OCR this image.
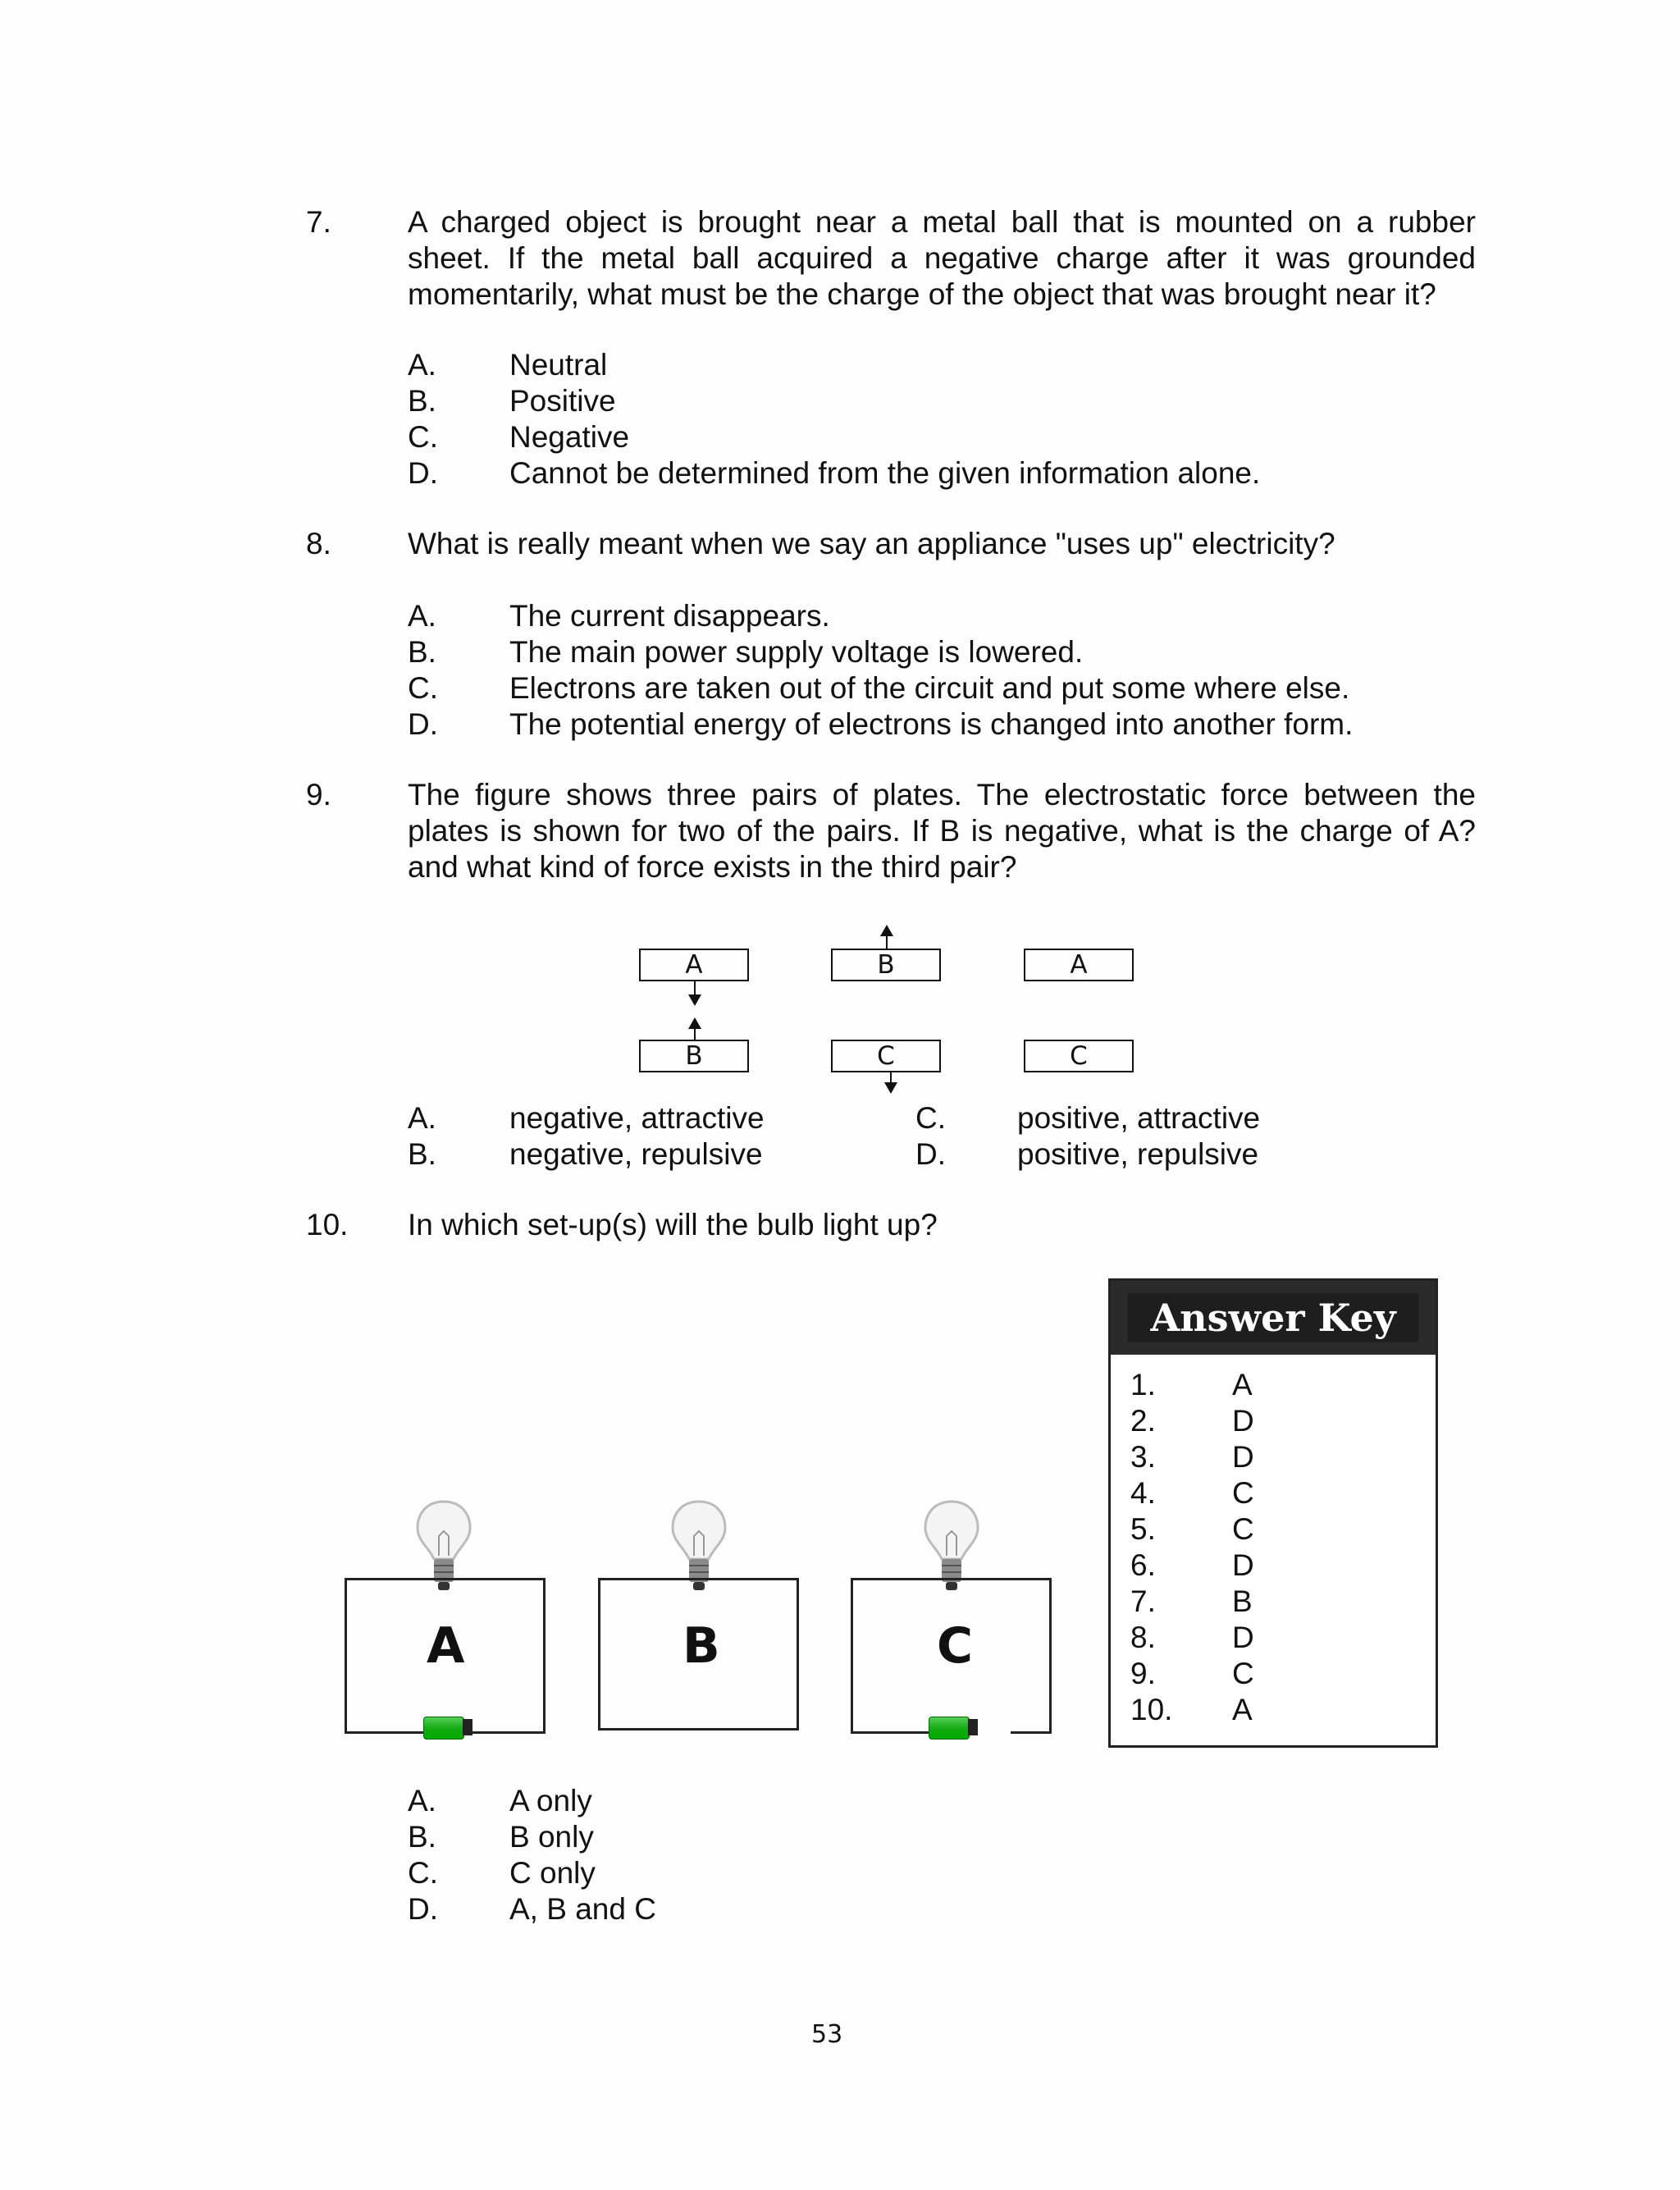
7.	A charged object is brought near a metal ball that is mounted on a rubber
sheet. If the metal ball acquired a negative charge after it was grounded
momentarily, what must be the charge of the object that was brought near it?
A. Neutral
B. Positive
C. Negative
D. Cannot be determined from the given information alone.
8.	What is really meant when we say an appliance "uses up" electricity?
A. The current disappears.
B. The main power supply voltage is lowered.
C. Electrons are taken out of the circuit and put some where else.
D. The potential energy of electrons is changed into another form.
9.	The figure shows three pairs of plates. The electrostatic force between the
plates is shown for two of the pairs. If B is negative, what is the charge of A?
and what kind of force exists in the third pair?
A
B
B
C
A
C
A. negative, attractive
B. negative, repulsive
C. positive, attractive
D. positive, repulsive
10. In which set-up(s) will the bulb light up?
A	B	C
A. A only
B. B only
C. C only
D. A, B and C
Answer Key
1.	A
2.	D
3.	D
4.	C
5.	C
6.	D
7.	B
8.	D
9.	C
10. A
53
